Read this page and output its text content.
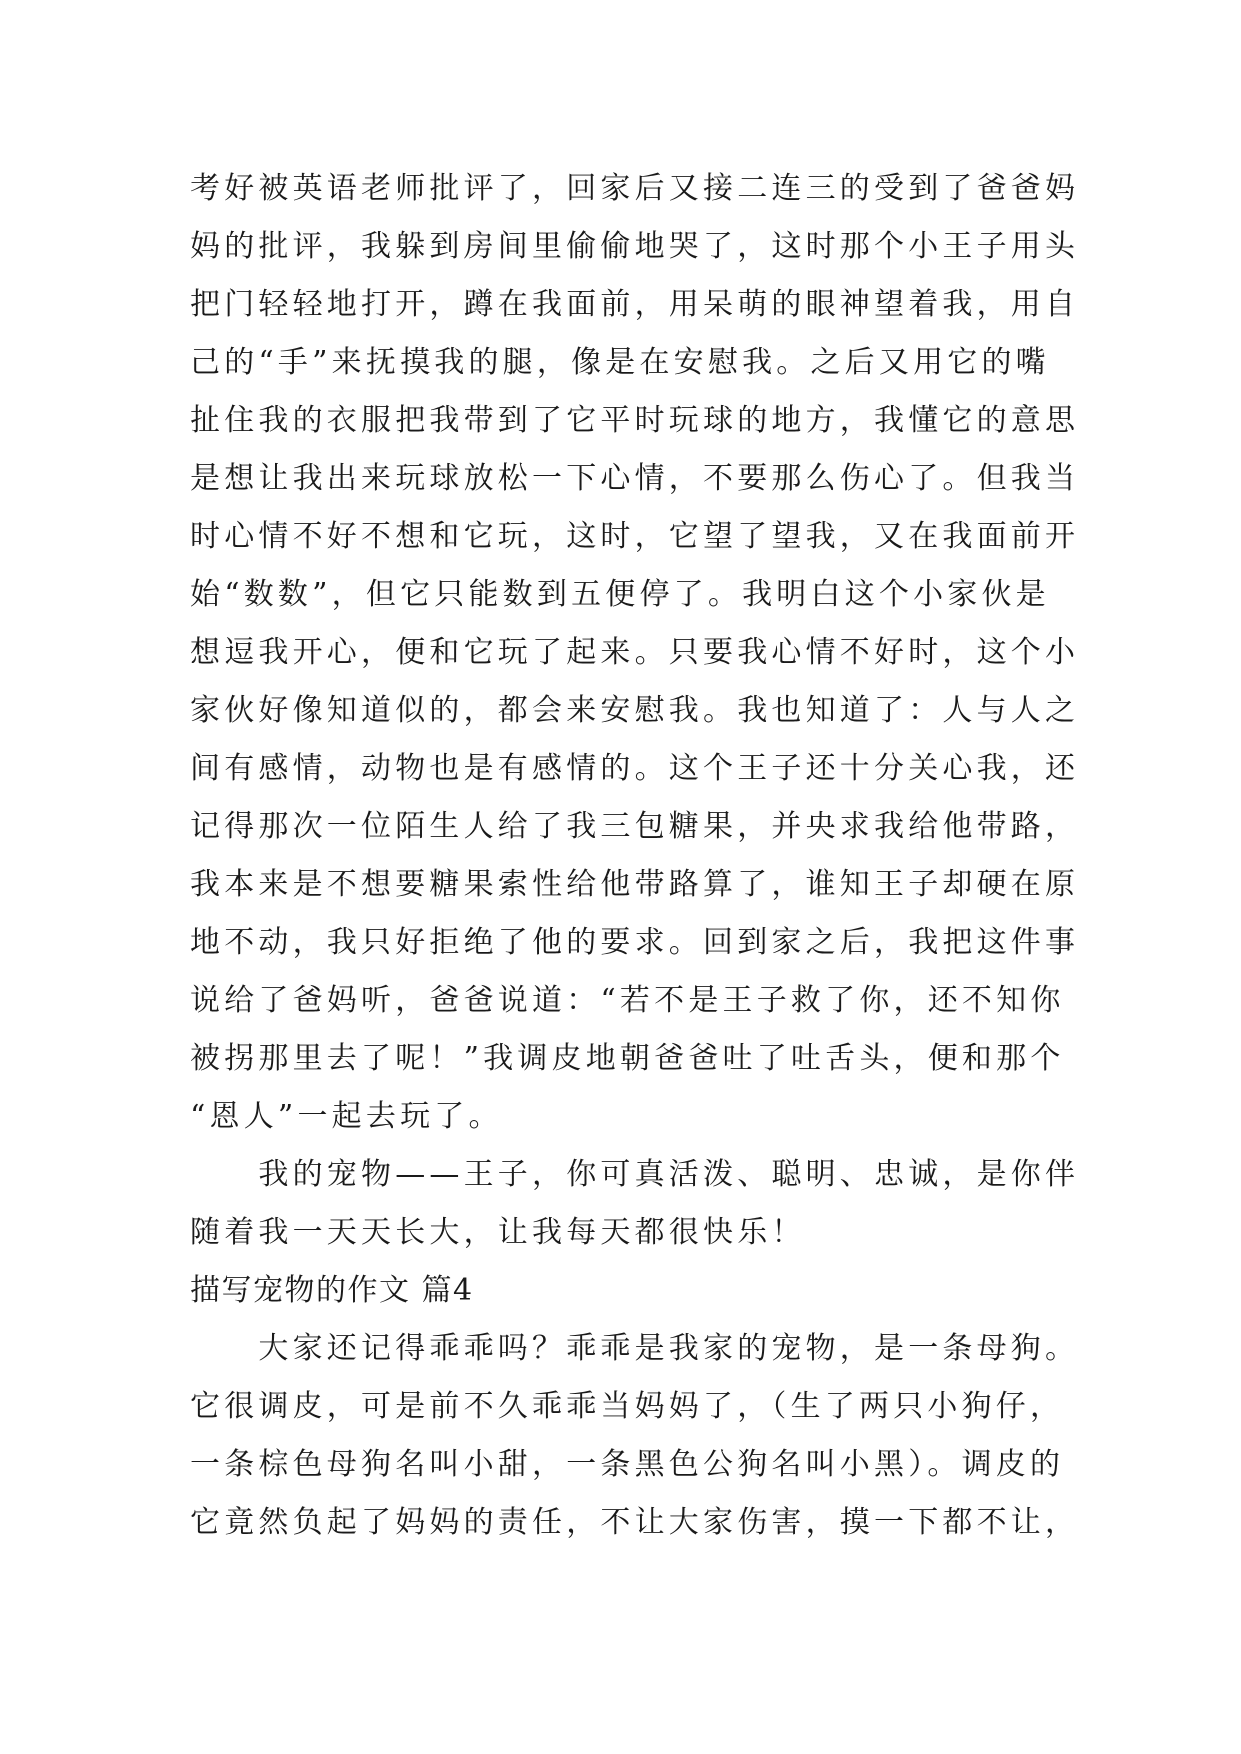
考好被英语老师批评了，回家后又接二连三的受到了爸爸妈
妈的批评，我躲到房间里偷偷地哭了，这时那个小王子用头
把门轻轻地打开，蹲在我面前，用呆萌的眼神望着我，用自
己的“手”来抚摸我的腿，像是在安慰我。之后又用它的嘴
扯住我的衣服把我带到了它平时玩球的地方，我懂它的意思
是想让我出来玩球放松一下心情，不要那么伤心了。但我当
时心情不好不想和它玩，这时，它望了望我，又在我面前开
始“数数”，但它只能数到五便停了。我明白这个小家伙是
想逗我开心，便和它玩了起来。只要我心情不好时，这个小
家伙好像知道似的，都会来安慰我。我也知道了：人与人之
间有感情，动物也是有感情的。这个王子还十分关心我，还
记得那次一位陌生人给了我三包糖果，并央求我给他带路，
我本来是不想要糖果索性给他带路算了，谁知王子却硬在原
地不动，我只好拒绝了他的要求。回到家之后，我把这件事
说给了爸妈听，爸爸说道：“若不是王子救了你，还不知你
被拐那里去了呢！”我调皮地朝爸爸吐了吐舌头，便和那个
“恩人”一起去玩了。
　　我的宠物——王子，你可真活泼、聪明、忠诚，是你伴
随着我一天天长大，让我每天都很快乐！
描写宠物的作文 篇4
　　大家还记得乖乖吗？乖乖是我家的宠物，是一条母狗。
它很调皮，可是前不久乖乖当妈妈了，（生了两只小狗仔，
一条棕色母狗名叫小甜，一条黑色公狗名叫小黑）。调皮的
它竟然负起了妈妈的责任，不让大家伤害，摸一下都不让，
